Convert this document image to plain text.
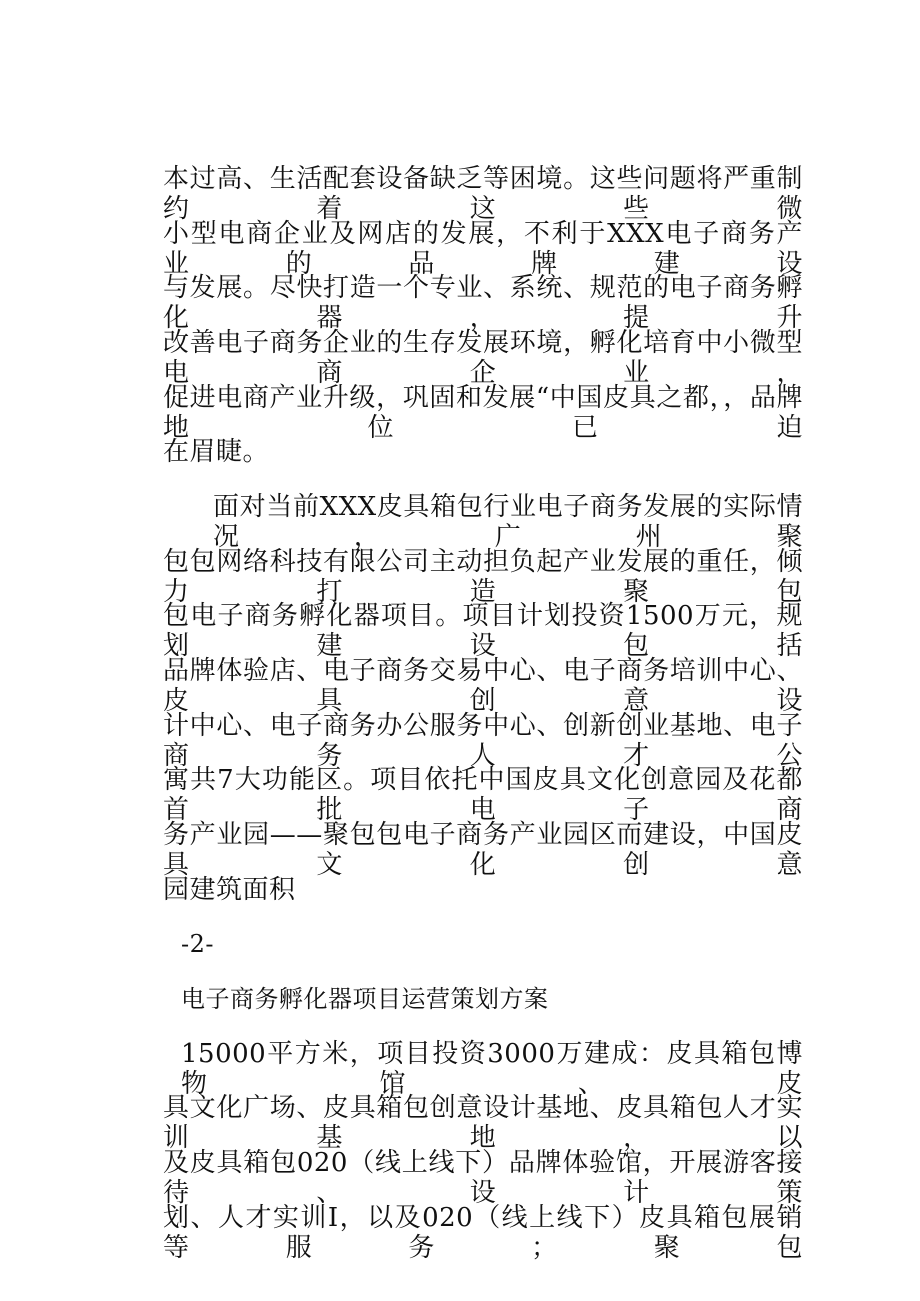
本过高、生活配套设备缺乏等困境。这些问题将严重制约着这些微

小型电商企业及网店的发展，不利于XXX电子商务产业的品牌建设

与发展。尽快打造一个专业、系统、规范的电子商务孵化器，提升

改善电子商务企业的生存发展环境，孵化培育中小微型电商企业，

促进电商产业升级，巩固和发展“中国皮具之都，，品牌地位已迫

在眉睫。

面对当前XXX皮具箱包行业电子商务发展的实际情况，广州聚

包包网络科技有限公司主动担负起产业发展的重任，倾力打造聚包

包电子商务孵化器项目。项目计划投资1500万元，规划建设包括

品牌体验店、电子商务交易中心、电子商务培训中心、皮具创意设

计中心、电子商务办公服务中心、创新创业基地、电子商务人才公

寓共7大功能区。项目依托中国皮具文化创意园及花都首批电子商

务产业园——聚包包电子商务产业园区而建设，中国皮具文化创意

园建筑面积

-2-

电子商务孵化器项目运营策划方案

15000平方米，项目投资3000万建成：皮具箱包博物馆、皮

具文化广场、皮具箱包创意设计基地、皮具箱包人才实训基地，以

及皮具箱包020（线上线下）品牌体验馆，开展游客接待、设计策

划、人才实训I，以及020（线上线下）皮具箱包展销等服务；聚包
